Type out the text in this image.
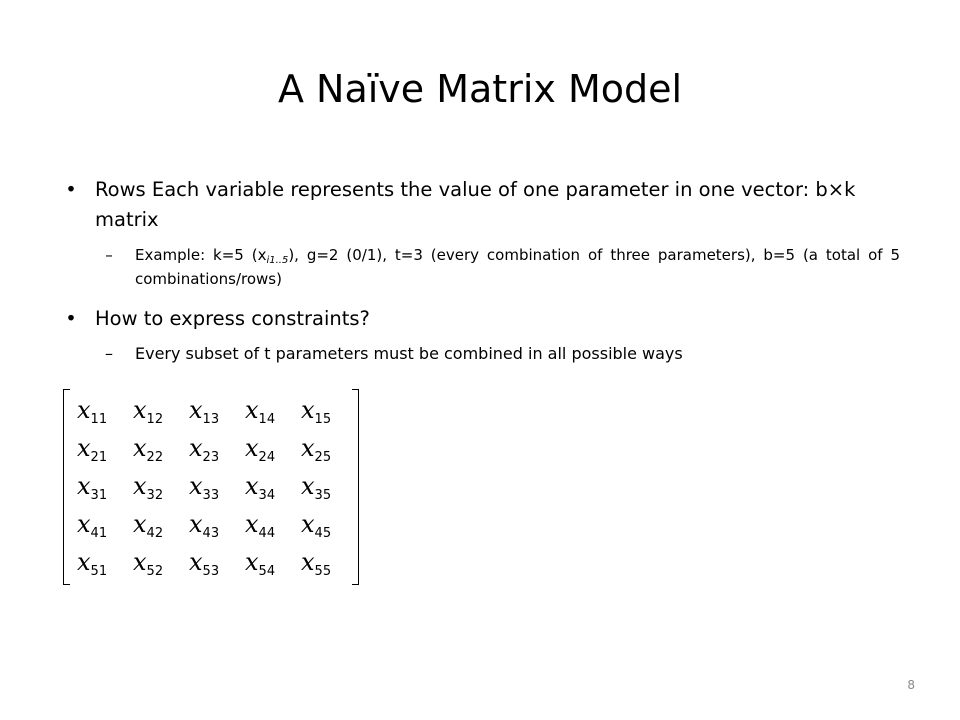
A Naïve Matrix Model
• Rows Each variable represents the value of one parameter in one vector: b×k matrix
– Example: k=5 $(x_{i1..5})$, g=2 (0/1), t=3 (every combination of three parameters), b=5 (a total of 5 combinations/rows)
• How to express constraints?
– Every subset of t parameters must be combined in all possible ways
$x_{11}$	$x_{12}$	$x_{13}$	$x_{14}$	$x_{15}$
$x_{21}$	$x_{22}$	$x_{23}$	$x_{24}$	$x_{25}$
$x_{31}$	$x_{32}$	$x_{33}$	$x_{34}$	$x_{35}$
$x_{41}$	$x_{42}$	$x_{43}$	$x_{44}$	$x_{45}$
$x_{51}$	$x_{52}$	$x_{53}$	$x_{54}$	$x_{55}$
8
